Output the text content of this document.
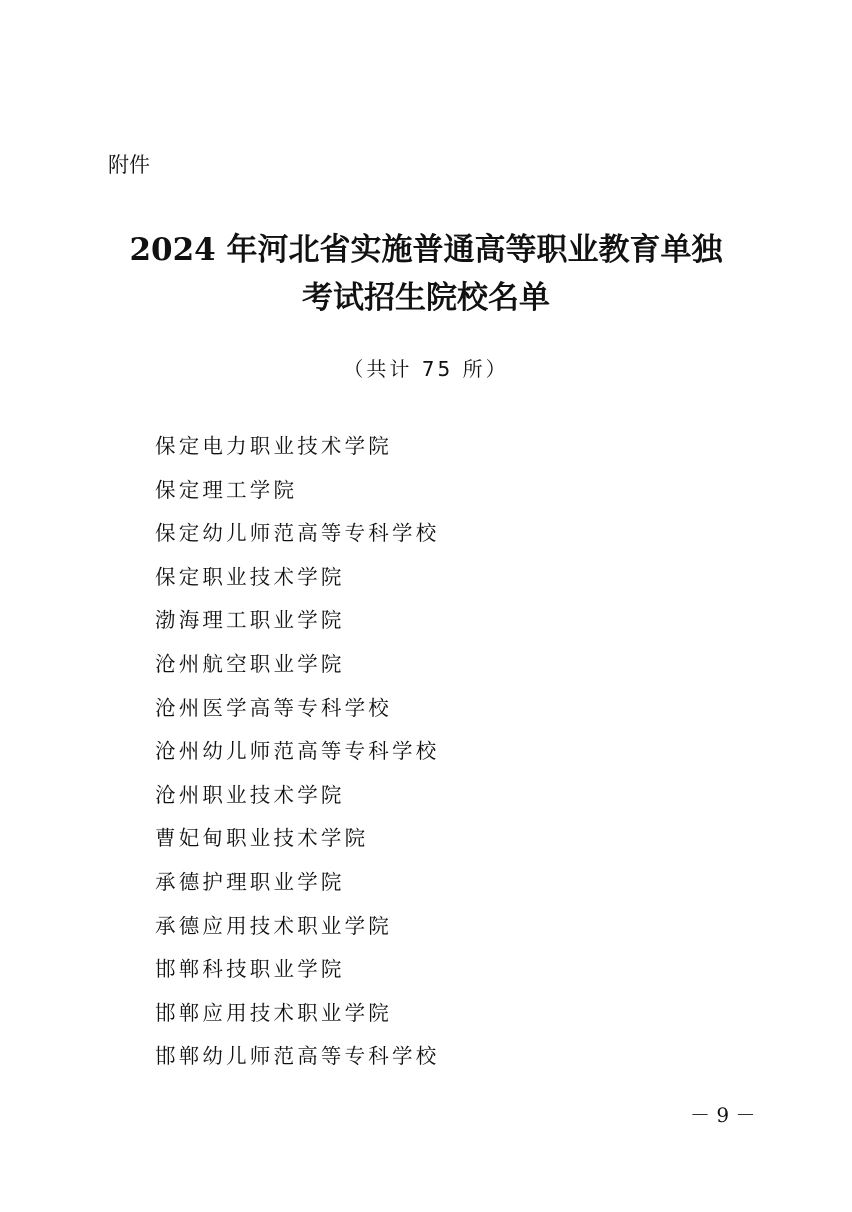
附件
2024 年河北省实施普通高等职业教育单独
考试招生院校名单
（共计 75 所）
保定电力职业技术学院
保定理工学院
保定幼儿师范高等专科学校
保定职业技术学院
渤海理工职业学院
沧州航空职业学院
沧州医学高等专科学校
沧州幼儿师范高等专科学校
沧州职业技术学院
曹妃甸职业技术学院
承德护理职业学院
承德应用技术职业学院
邯郸科技职业学院
邯郸应用技术职业学院
邯郸幼儿师范高等专科学校
－ 9 －
